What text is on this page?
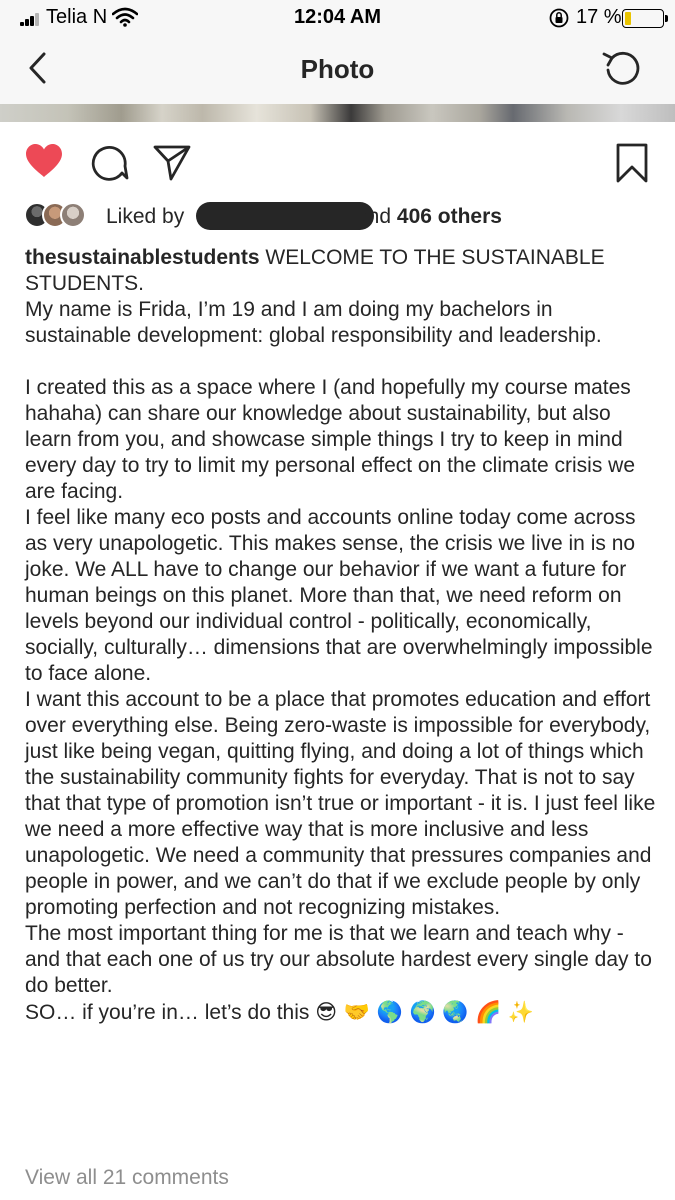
Telia N	12:04 AM	17 %
Photo
Liked by	and 406 others

thesustainablestudents WELCOME TO THE SUSTAINABLE STUDENTS.

My name is Frida, I’m 19 and I am doing my bachelors in sustainable development: global responsibility and leadership.

I created this as a space where I (and hopefully my course mates hahaha) can share our knowledge about sustainability, but also learn from you, and showcase simple things I try to keep in mind every day to try to limit my personal effect on the climate crisis we are facing.

I feel like many eco posts and accounts online today come across as very unapologetic. This makes sense, the crisis we live in is no joke. We ALL have to change our behavior if we want a future for human beings on this planet. More than that, we need reform on levels beyond our individual control - politically, economically, socially, culturally… dimensions that are overwhelmingly impossible to face alone.

I want this account to be a place that promotes education and effort over everything else. Being zero-waste is impossible for everybody, just like being vegan, quitting flying, and doing a lot of things which the sustainability community fights for everyday. That is not to say that that type of promotion isn’t true or important - it is. I just feel like we need a more effective way that is more inclusive and less unapologetic. We need a community that pressures companies and people in power, and we can’t do that if we exclude people by only promoting perfection and not recognizing mistakes.

The most important thing for me is that we learn and teach why - and that each one of us try our absolute hardest every single day to do better.

SO… if you’re in… let’s do this 😎 🤝 🌎 🌍 🌏 🌈 ✨

View all 21 comments
